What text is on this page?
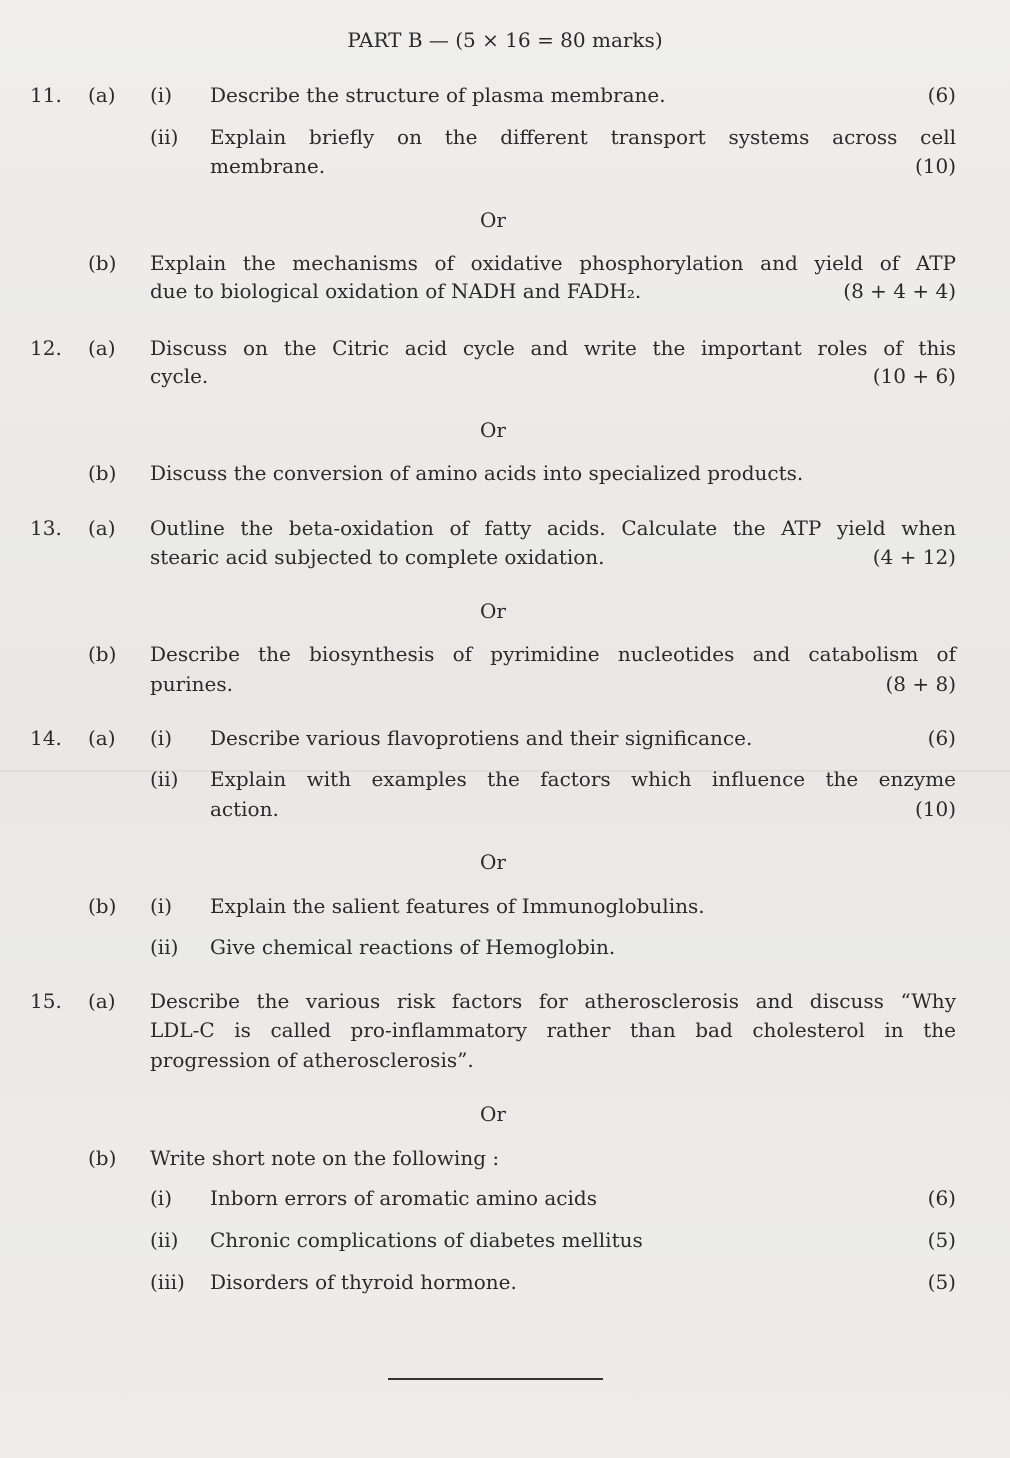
PART B — (5 × 16 = 80 marks)
11. (a) (i) Describe the structure of plasma membrane.	(6)
(ii) Explain briefly on the different transport systems across cell
membrane.	(10)
Or
(b) Explain the mechanisms of oxidative phosphorylation and yield of ATP
due to biological oxidation of NADH and FADH₂.	(8 + 4 + 4)
12. (a) Discuss on the Citric acid cycle and write the important roles of this
cycle.	(10 + 6)
Or
(b) Discuss the conversion of amino acids into specialized products.
13. (a) Outline the beta-oxidation of fatty acids. Calculate the ATP yield when
stearic acid subjected to complete oxidation.	(4 + 12)
Or
(b) Describe the biosynthesis of pyrimidine nucleotides and catabolism of
purines.	(8 + 8)
14. (a) (i) Describe various flavoprotiens and their significance.	(6)
(ii) Explain with examples the factors which influence the enzyme
action.	(10)
Or
(b) (i) Explain the salient features of Immunoglobulins.
(ii) Give chemical reactions of Hemoglobin.
15. (a) Describe the various risk factors for atherosclerosis and discuss “Why
LDL-C is called pro-inflammatory rather than bad cholesterol in the
progression of atherosclerosis”.
Or
(b) Write short note on the following :
(i) Inborn errors of aromatic amino acids	(6)
(ii) Chronic complications of diabetes mellitus	(5)
(iii) Disorders of thyroid hormone.	(5)
